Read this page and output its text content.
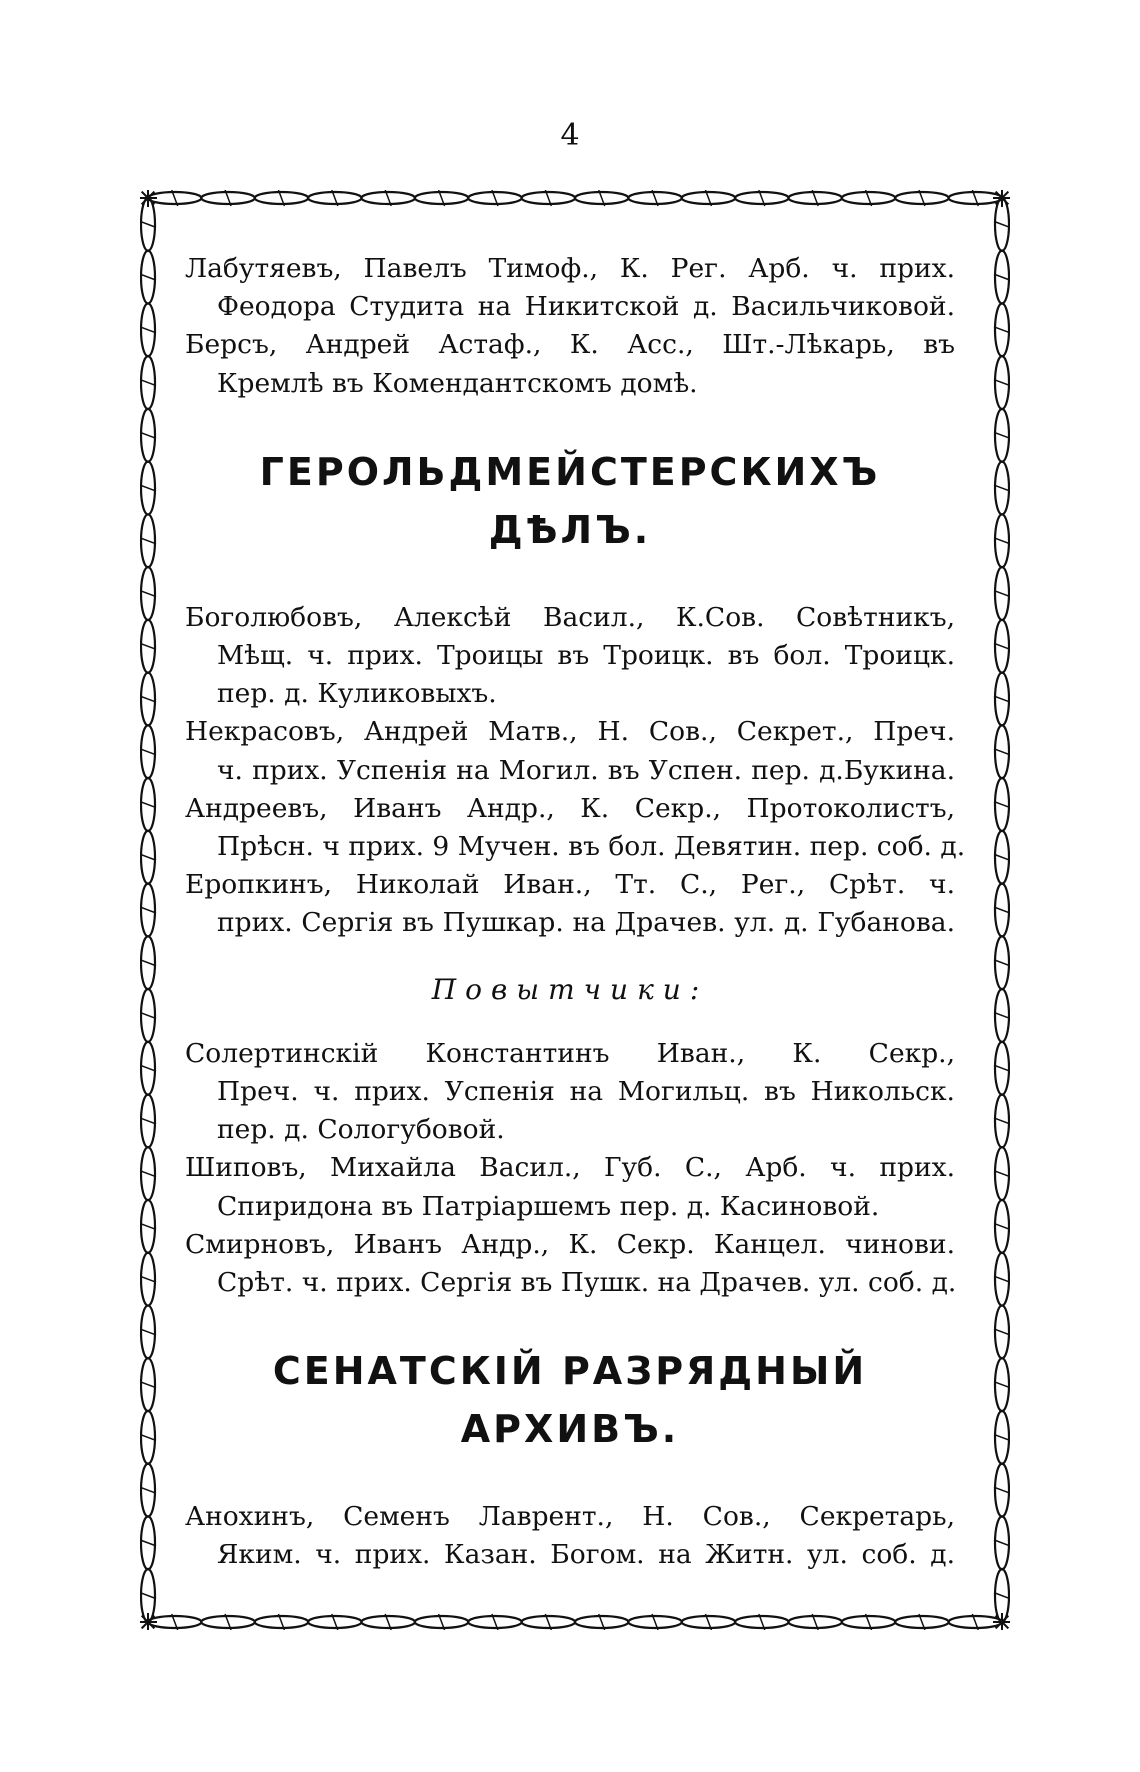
4
Лабутяевъ, Павелъ Тимоф., К. Рег. Арб. ч. прих.
Феодора Студита на Никитской д. Васильчиковой.
Берсъ, Андрей Астаф., К. Асс., Шт.-Лѣкарь, въ
Кремлѣ въ Комендантскомъ домѣ.
ГЕРОЛЬДМЕЙСТЕРСКИХЪ
ДѢЛЪ.
Боголюбовъ, Алексѣй Васил., К.Сов. Совѣтникъ,
Мѣщ. ч. прих. Троицы въ Троицк. въ бол. Троицк.
пер. д. Куликовыхъ.
Некрасовъ, Андрей Матв., Н. Сов., Секрет., Преч.
ч. прих. Успенія на Могил. въ Успен. пер. д.Букина.
Андреевъ, Иванъ Андр., К. Секр., Протоколистъ,
Прѣсн. ч прих. 9 Мучен. въ бол. Девятин. пер. соб. д.
Еропкинъ, Николай Иван., Тт. С., Рег., Срѣт. ч.
прих. Сергія въ Пушкар. на Драчев. ул. д. Губанова.
Повытчики:
Солертинскій Константинъ Иван., К. Секр.,
Преч. ч. прих. Успенія на Могильц. въ Никольск.
пер. д. Сологубовой.
Шиповъ, Михайла Васил., Губ. С., Арб. ч. прих.
Спиридона въ Патріаршемъ пер. д. Касиновой.
Смирновъ, Иванъ Андр., К. Секр. Канцел. чинови.
Срѣт. ч. прих. Сергія въ Пушк. на Драчев. ул. соб. д.
СЕНАТСКІЙ РАЗРЯДНЫЙ
АРХИВЪ.
Анохинъ, Семенъ Лаврент., Н. Сов., Секретарь,
Яким. ч. прих. Казан. Богом. на Житн. ул. соб. д.
